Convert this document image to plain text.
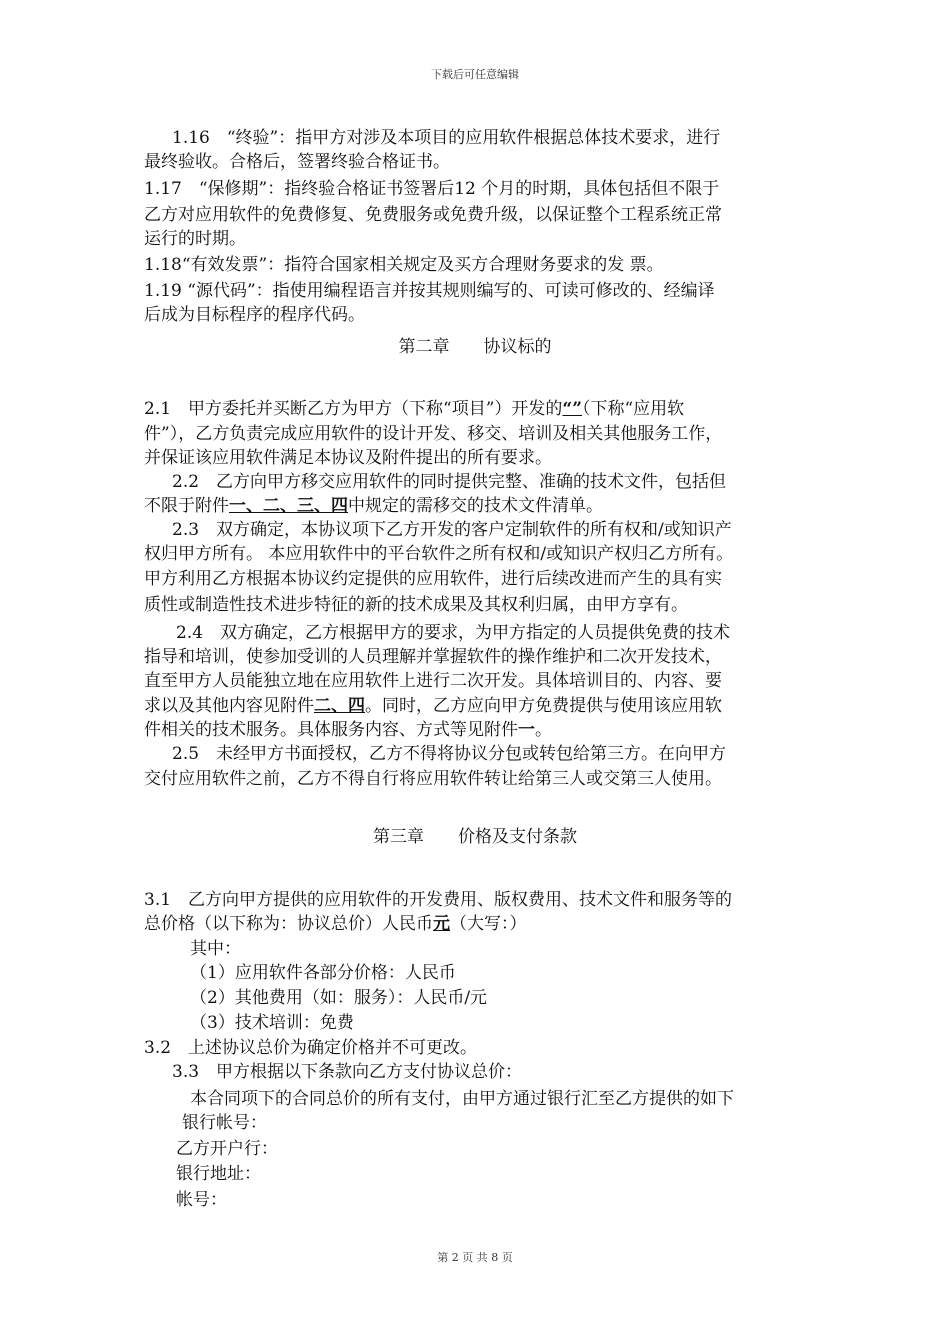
下载后可任意编辑
1.16　“终验”：指甲方对涉及本项目的应用软件根据总体技术要求，进行
最终验收。合格后，签署终验合格证书。
1.17　“保修期”：指终验合格证书签署后12 个月的时期，具体包括但不限于
乙方对应用软件的免费修复、免费服务或免费升级，以保证整个工程系统正常
运行的时期。
1.18“有效发票”：指符合国家相关规定及买方合理财务要求的发 票。
1.19 “源代码”：指使用编程语言并按其规则编写的、可读可修改的、经编译
后成为目标程序的程序代码。
第二章　　协议标的
2.1　甲方委托并买断乙方为甲方（下称“项目”）开发的“”（下称“应用软
件”），乙方负责完成应用软件的设计开发、移交、培训及相关其他服务工作，
并保证该应用软件满足本协议及附件提出的所有要求。
2.2　乙方向甲方移交应用软件的同时提供完整、准确的技术文件，包括但
不限于附件一、二、三、四中规定的需移交的技术文件清单。
2.3　双方确定，本协议项下乙方开发的客户定制软件的所有权和/或知识产
权归甲方所有。 本应用软件中的平台软件之所有权和/或知识产权归乙方所有。
甲方利用乙方根据本协议约定提供的应用软件，进行后续改进而产生的具有实
质性或制造性技术进步特征的新的技术成果及其权利归属，由甲方享有。
2.4　双方确定，乙方根据甲方的要求，为甲方指定的人员提供免费的技术
指导和培训，使参加受训的人员理解并掌握软件的操作维护和二次开发技术，
直至甲方人员能独立地在应用软件上进行二次开发。具体培训目的、内容、要
求以及其他内容见附件二、四。同时，乙方应向甲方免费提供与使用该应用软
件相关的技术服务。具体服务内容、方式等见附件一。
2.5　未经甲方书面授权，乙方不得将协议分包或转包给第三方。在向甲方
交付应用软件之前，乙方不得自行将应用软件转让给第三人或交第三人使用。
第三章　　价格及支付条款
3.1　乙方向甲方提供的应用软件的开发费用、版权费用、技术文件和服务等的
总价格（以下称为：协议总价）人民币元（大写：）
其中：
（1）应用软件各部分价格：人民币
（2）其他费用（如：服务）：人民币/元
（3）技术培训：免费
3.2　上述协议总价为确定价格并不可更改。
3.3　甲方根据以下条款向乙方支付协议总价：
本合同项下的合同总价的所有支付，由甲方通过银行汇至乙方提供的如下
银行帐号：
乙方开户行：
银行地址：
帐号：
第 2 页 共 8 页
